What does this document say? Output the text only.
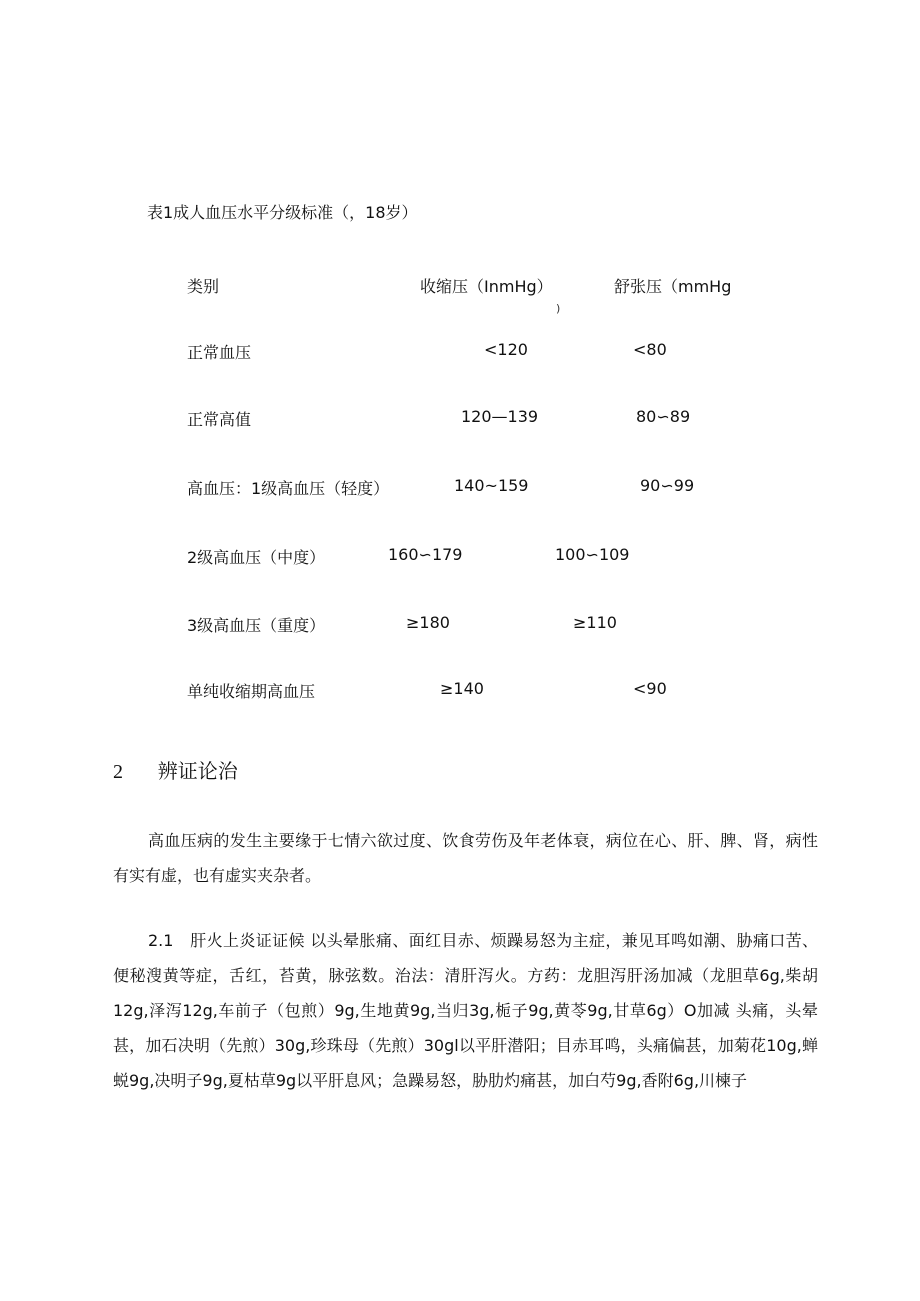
表1成人血压水平分级标准（，18岁）
类别	收缩压（InmHg）	舒张压（mmHg
)
正常血压	<120	<80
正常高值	120—139	80∽89
高血压：1级高血压（轻度）	140~159	90∽99
2级高血压（中度）	160∽179	100∽109
3级高血压（重度）	≥180	≥110
单纯收缩期高血压	≥140	<90
2 辨证论治

高血压病的发生主要缘于七情六欲过度、饮食劳伤及年老体衰，病位在心、肝、脾、肾，病性有实有虚，也有虚实夹杂者。

2.1　肝火上炎证证候 以头晕胀痛、面红目赤、烦躁易怒为主症，兼见耳鸣如潮、胁痛口苦、便秘溲黄等症，舌红，苔黄，脉弦数。治法：清肝泻火。方药：龙胆泻肝汤加减（龙胆草6g,柴胡12g,泽泻12g,车前子（包煎）9g,生地黄9g,当归3g,栀子9g,黄苓9g,甘草6g）O加减 头痛，头晕甚，加石决明（先煎）30g,珍珠母（先煎）30gl以平肝潜阳；目赤耳鸣，头痛偏甚，加菊花10g,蝉蜕9g,决明子9g,夏枯草9g以平肝息风；急躁易怒，胁肋灼痛甚，加白芍9g,香附6g,川楝子
